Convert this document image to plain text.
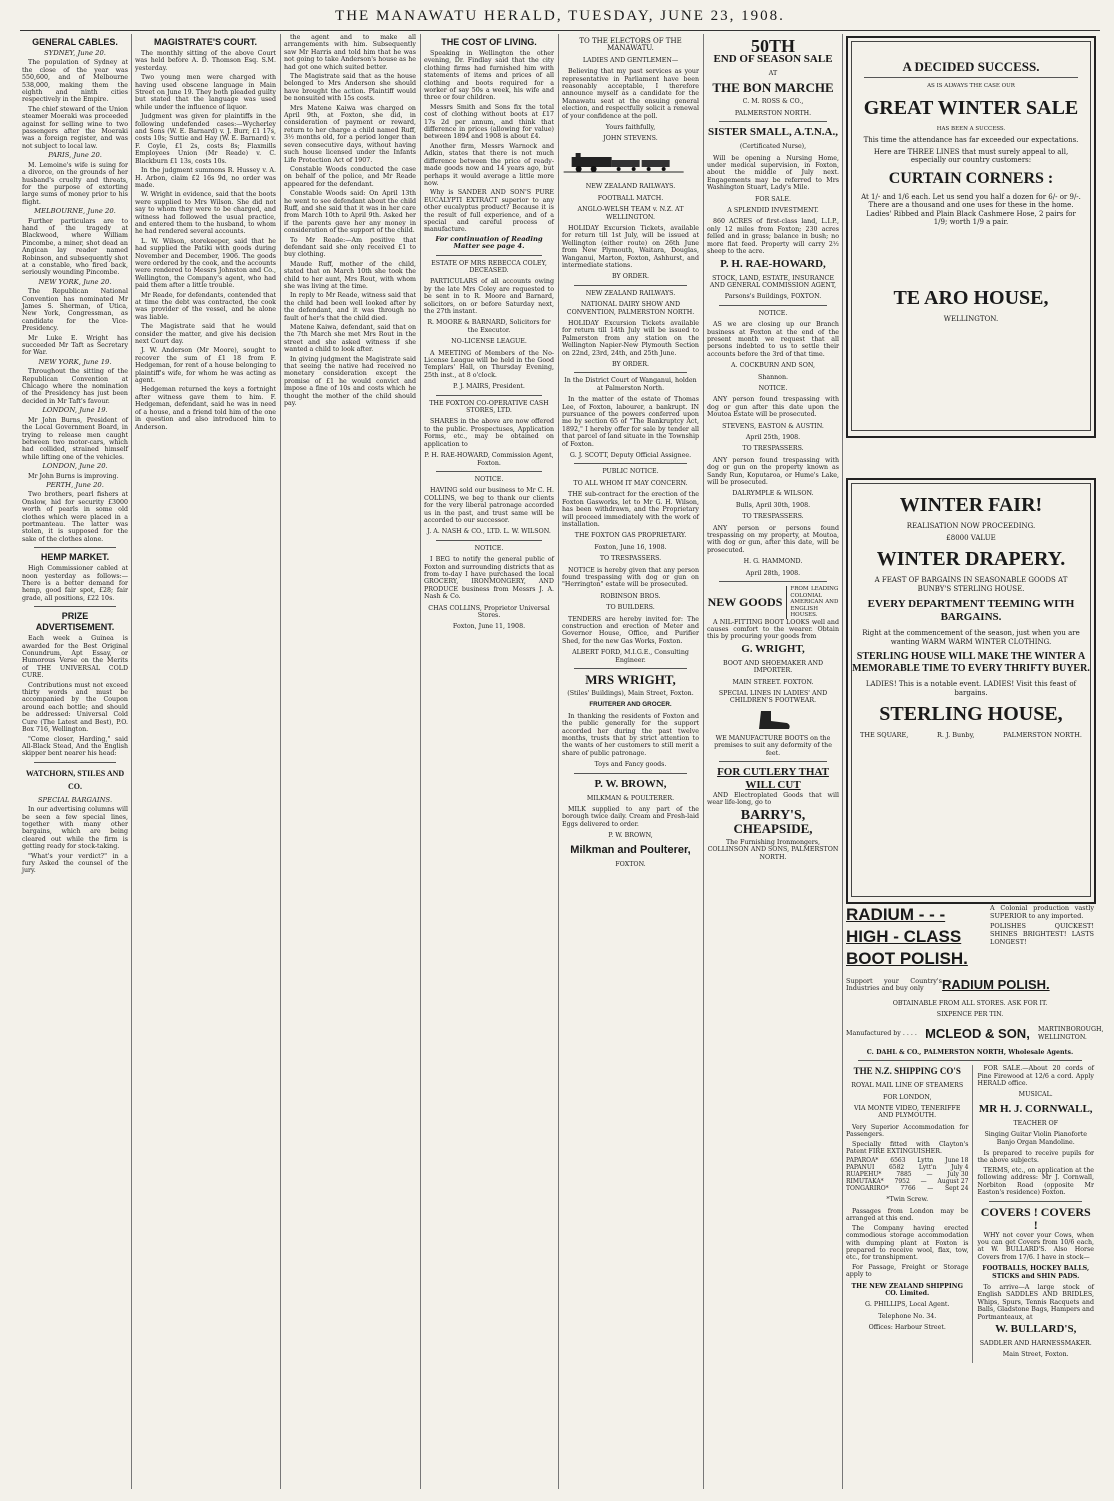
THE MANAWATU HERALD, TUESDAY, JUNE 23, 1908.
GENERAL CABLES.
SYDNEY, June 20.

The population of Sydney at the close of the year was 550,600, and of Melbourne 538,000, making them the eighth and ninth cities respectively in the Empire.

The chief steward of the Union steamer Moeraki was proceeded against for selling wine to two passengers after the Moeraki was a foreign register, and was not subject to local law.

PARIS, June 20.

M. Lemoine's wife is suing for a divorce, on the grounds of her husband's cruelty and threats, for the purpose of extorting large sums of money prior to his flight.

MELBOURNE, June 20.

Further particulars are to hand of the tragedy at Blackwood, where William Pincombe, a miner, shot dead an Angican lay reader named Robinson, and subsequently shot at a constable, who fired back, seriously wounding Pincombe.

NEW YORK, June 20.

The Republican National Convention has nominated Mr James S. Sherman, of Utica, New York, Congressman, as candidate for the Vice-Presidency.

Mr Luke E. Wright has succeeded Mr Taft as Secretary for War.

NEW YORK, June 19.

Throughout the sitting of the Republican Convention at Chicago where the nomination of the Presidency has just been decided in Mr Taft's favour.

LONDON, June 19.

Mr John Burns, President of the Local Government Board, in trying to release men caught between two motor-cars, which had collided, strained himself while lifting one of the vehicles.

LONDON, June 20.

Mr John Burns is improving.

PERTH, June 20.

Two brothers, pearl fishers at Onslow, hid for security £3000 worth of pearls in some old clothes which were placed in a portmanteau. The latter was stolen, it is supposed for the sake of the clothes alone.

HEMP MARKET.

High Commissioner cabled at noon yesterday as follows:—There is a better demand for hemp, good fair spot, £28; fair grade, all positions, £22 10s.

PRIZE ADVERTISEMENT.

Each week a Guinea is awarded for the Best Original Conundrum, Apt Essay, or Humorous Verse on the Merits of THE UNIVERSAL COLD CURE.

Contributions must not exceed thirty words and must be accompanied by the Coupon around each bottle; and should be addressed: Universal Cold Cure (The Latest and Best), P.O. Box 716, Wellington.

"Come closer, Harding," said All-Black Stead, And the English skipper bent nearer his head:

WATCHORN, STILES AND CO.
SPECIAL BARGAINS.

In our advertising columns will be seen a few special lines, together with many other bargains, which are being cleared out while the firm is getting ready for stock-taking.

"What's your verdict?" in a fury Asked the counsel of the jury.

MAGISTRATE'S COURT.

The monthly sitting of the above Court was held before A. D. Thomson Esq. S.M. yesterday.

Two young men were charged with having used obscene language in Main Street on June 19. They both pleaded guilty but stated that the language was used while under the influence of liquor.

Judgment was given for plaintiffs in the following undefended cases:—Wycherley and Sons (W. E. Barnard) v. J. Burr, £1 17s, costs 10s; Suttie and Hay (W. E. Barnard) v. F. Coyle, £1 2s, costs 8s; Flaxmills Employees Union (Mr Reade) v. C. Blackburn £1 13s, costs 10s.

In the judgment summons R. Hussey v. A. H. Arbon, claim £2 16s 9d, no order was made.

W. Wright in evidence, said that the boots were supplied to Mrs Wilson. She did not say to whom they were to be charged, and witness had followed the usual practice, and entered them to the husband, to whom he had rendered several accounts.

L. W. Wilson, storekeeper, said that he had supplied the Patiki with goods during November and December, 1906. The goods were ordered by the cook, and the accounts were rendered to Messrs Johnston and Co., Wellington, the Company's agent, who had paid them after a little trouble.

Mr Reade, for defendants, contended that at time the debt was contracted, the cook was provider of the vessel, and he alone was liable.

The Magistrate said that he would consider the matter, and give his decision next Court day.

J. W. Anderson (Mr Moore), sought to recover the sum of £1 18 from F. Hedgeman, for rent of a house belonging to plaintiff's wife, for whom he was acting as agent.

Hedgeman returned the keys a fortnight after witness gave them to him. F. Hedgeman, defendant, said he was in need of a house, and a friend told him of the one in question and also introduced him to Anderson.

the agent and to make all arrangements with him. Subsequently saw Mr Harris and told him that he was not going to take Anderson's house as he had got one which suited better.

The Magistrate said that as the house belonged to Mrs Anderson she should have brought the action. Plaintiff would be nonsuited with 15s costs.

Mrs Matene Kaiwa was charged on April 9th, at Foxton, she did, in consideration of payment or reward, return to her charge a child named Ruff, 3½ months old, for a period longer than seven consecutive days, without having such house licensed under the Infants Life Protection Act of 1907.

Constable Woods conducted the case on behalf of the police, and Mr Reade appeared for the defendant.

Constable Woods said: On April 13th he went to see defendant about the child Ruff, and she said that it was in her care from March 10th to April 9th. Asked her if the parents gave her any money in consideration of the support of the child.

To Mr Reade:—Am positive that defendant said she only received £1 to buy clothing.

Maude Ruff, mother of the child, stated that on March 10th she took the child to her aunt, Mrs Rout, with whom she was living at the time.

In reply to Mr Reade, witness said that the child had been well looked after by the defendant, and it was through no fault of her's that the child died.

Matene Kaiwa, defendant, said that on the 7th March she met Mrs Rout in the street and she asked witness if she wanted a child to look after.

In giving judgment the Magistrate said that seeing the native had received no monetary consideration except the promise of £1 he would convict and impose a fine of 10s and costs which he thought the mother of the child should pay.

THE COST OF LIVING.

Speaking in Wellington the other evening, Dr. Findlay said that the city clothing firms had furnished him with statements of items and prices of all clothing and boots required for a worker of say 50s a week, his wife and three or four children.

Messrs Smith and Sons fix the total cost of clothing without boots at £17 17s 2d per annum, and think that difference in prices (allowing for value) between 1894 and 1908 is about £4.

Another firm, Messrs Warnock and Adkin, states that there is not much difference between the price of ready-made goods now and 14 years ago, but perhaps it would average a little more now.

Why is SANDER AND SON'S PURE EUCALYPTI EXTRACT superior to any other eucalyptus product? Because it is the result of full experience, and of a special and careful process of manufacture.

For continuation of Reading Matter see page 4.
ESTATE OF MRS REBECCA COLEY, DECEASED.

PARTICULARS of all accounts owing by the late Mrs Coley are requested to be sent in to R. Moore and Barnard, solicitors, on or before Saturday next, the 27th instant.

R. MOORE & BARNARD, Solicitors for the Executor.
NO-LICENSE LEAGUE.

A MEETING of Members of the No-License League will be held in the Good Templars' Hall, on Thursday Evening, 25th inst., at 8 o'clock.

P. J. MAIRS, President.
THE FOXTON CO-OPERATIVE CASH STORES, LTD.

SHARES in the above are now offered to the public. Prospectuses, Application Forms, etc., may be obtained on application to

P. H. RAE-HOWARD, Commission Agent, Foxton.
NOTICE.

HAVING sold our business to Mr C. H. COLLINS, we beg to thank our clients for the very liberal patronage accorded us in the past, and trust same will be accorded to our successor.

J. A. NASH & CO., LTD. L. W. WILSON.
NOTICE.

I BEG to notify the general public of Foxton and surrounding districts that as from to-day I have purchased the local GROCERY, IRONMONGERY, AND PRODUCE business from Messrs J. A. Nash & Co.

CHAS COLLINS, Proprietor Universal Stores.
Foxton, June 11, 1908.
TO THE ELECTORS OF THE MANAWATU.
LADIES AND GENTLEMEN—

Believing that my past services as your representative in Parliament have been reasonably acceptable, I therefore announce myself as a candidate for the Manawatu seat at the ensuing general election, and respectfully solicit a renewal of your confidence at the poll.

Yours faithfully,
JOHN STEVENS.
NEW ZEALAND RAILWAYS.
FOOTBALL MATCH.
ANGLO-WELSH TEAM v. N.Z. AT WELLINGTON.

HOLIDAY Excursion Tickets, available for return till 1st July, will be issued at Wellington (either route) on 26th June from New Plymouth, Waitara, Douglas, Wanganui, Marton, Foxton, Ashhurst, and intermediate stations.

BY ORDER.
NEW ZEALAND RAILWAYS.
NATIONAL DAIRY SHOW AND CONVENTION, PALMERSTON NORTH.

HOLIDAY Excursion Tickets available for return till 14th July will be issued to Palmerston from any station on the Wellington Napier-New Plymouth Section on 22nd, 23rd, 24th, and 25th June.

BY ORDER.
In the District Court of Wanganui, holden at Palmerston North.

In the matter of the estate of Thomas Lee, of Foxton, labourer, a bankrupt. IN pursuance of the powers conferred upon me by section 65 of "The Bankruptcy Act, 1892," I hereby offer for sale by tender all that parcel of land situate in the Township of Foxton.

G. J. SCOTT, Deputy Official Assignee.
PUBLIC NOTICE.
TO ALL WHOM IT MAY CONCERN.

THE sub-contract for the erection of the Foxton Gasworks, let to Mr G. H. Wilson, has been withdrawn, and the Proprietary will proceed immediately with the work of installation.

THE FOXTON GAS PROPRIETARY.
Foxton, June 16, 1908.
TO TRESPASSERS.

NOTICE is hereby given that any person found trespassing with dog or gun on "Herrington" estate will be prosecuted.

ROBINSON BROS.
TO BUILDERS.

TENDERS are hereby invited for: The construction and erection of Meter and Governor House, Office, and Purifier Shed, for the new Gas Works, Foxton.

ALBERT FORD, M.I.G.E., Consulting Engineer.
MRS WRIGHT,
(Stiles' Buildings), Main Street, Foxton.
FRUITERER AND GROCER.

In thanking the residents of Foxton and the public generally for the support accorded her during the past twelve months, trusts that by strict attention to the wants of her customers to still merit a share of public patronage.

Toys and Fancy goods.
P. W. BROWN,
MILKMAN & POULTERER.

MILK supplied to any part of the borough twice daily. Cream and Fresh-laid Eggs delivered to order.

P. W. BROWN,
Milkman and Poulterer,
FOXTON.
50TH
END OF SEASON SALE
AT
THE BON MARCHE
C. M. ROSS & CO.,
PALMERSTON NORTH.
SISTER SMALL, A.T.N.A.,
(Certificated Nurse),

Will be opening a Nursing Home, under medical supervision, in Foxton, about the middle of July next. Engagements may be referred to Mrs Washington Stuart, Lady's Mile.

FOR SALE.
A SPLENDID INVESTMENT.

860 ACRES of first-class land, L.I.P., only 12 miles from Foxton; 230 acres felled and in grass; balance in bush; no more flat feed. Property will carry 2½ sheep to the acre.

P. H. RAE-HOWARD,
STOCK, LAND, ESTATE, INSURANCE AND GENERAL COMMISSION AGENT,
Parsons's Buildings, FOXTON.
NOTICE.

AS we are closing up our Branch business at Foxton at the end of the present month we request that all persons indebted to us to settle their accounts before the 3rd of that time.

A. COCKBURN AND SON,
Shannon.
NOTICE.

ANY person found trespassing with dog or gun after this date upon the Moutoa Estate will be prosecuted.

STEVENS, EASTON & AUSTIN.
April 25th, 1908.
TO TRESPASSERS.

ANY person found trespassing with dog or gun on the property known as Sandy Run, Koputaroa, or Hume's Lake, will be prosecuted.

DALRYMPLE & WILSON.
Bulls, April 30th, 1908.
TO TRESPASSERS.

ANY person or persons found trespassing on my property, at Moutoa, with dog or gun, after this date, will be prosecuted.

H. G. HAMMOND.
April 28th, 1908.
NEW GOODS
FROM LEADING COLONIAL AMERICAN AND ENGLISH HOUSES.

A NIL-FITTING BOOT LOOKS well and causes comfort to the wearer. Obtain this by procuring your goods from

G. WRIGHT,
BOOT AND SHOEMAKER AND IMPORTER.
MAIN STREET. FOXTON.
SPECIAL LINES IN LADIES' AND CHILDREN'S FOOTWEAR.
WE MANUFACTURE BOOTS on the premises to suit any deformity of the feet.
FOR CUTLERY THAT WILL CUT

AND Electroplated Goods that will wear life-long, go to

BARRY'S,
CHEAPSIDE,
The Furnishing Ironmongers, COLLINSON AND SONS, PALMERSTON NORTH.
A DECIDED SUCCESS.
AS IS ALWAYS THE CASE OUR
GREAT WINTER SALE
HAS BEEN A SUCCESS.
This time the attendance has far exceeded our expectations.
Here are THREE LINES that must surely appeal to all, especially our country customers:
CURTAIN CORNERS :
At 1/- and 1/6 each. Let us send you half a dozen for 6/- or 9/-. There are a thousand and one uses for these in the home. Ladies' Ribbed and Plain Black Cashmere Hose, 2 pairs for 1/9; worth 1/9 a pair.
TE ARO HOUSE,
WELLINGTON.
WINTER FAIR!
REALISATION NOW PROCEEDING.
£8000 VALUE
WINTER DRAPERY.
A FEAST OF BARGAINS IN SEASONABLE GOODS AT BUNBY'S STERLING HOUSE.
EVERY DEPARTMENT TEEMING WITH BARGAINS.
Right at the commencement of the season, just when you are wanting WARM WARM WINTER CLOTHING.
STERLING HOUSE WILL MAKE THE WINTER A MEMORABLE TIME TO EVERY THRIFTY BUYER.
LADIES! This is a notable event. LADIES! Visit this feast of bargains.
STERLING HOUSE,
THE SQUARE,	R. J. Bunby,	PALMERSTON NORTH.
RADIUM - - -
HIGH - CLASS
BOOT POLISH.

A Colonial production vastly SUPERIOR to any imported.

POLISHES QUICKEST! SHINES BRIGHTEST! LASTS LONGEST!

Support your Country's Industries and buy only	RADIUM POLISH.
OBTAINABLE FROM ALL STORES. ASK FOR IT.
SIXPENCE PER TIN.
Manufactured by . . . . MCLEOD & SON, MARTINBOROUGH, WELLINGTON.
C. DAHL & CO., PALMERSTON NORTH, Wholesale Agents.
THE N.Z. SHIPPING CO'S
ROYAL MAIL LINE OF STEAMERS
FOR LONDON,
VIA MONTE VIDEO, TENERIFFE AND PLYMOUTH.

Very Superior Accommodation for Passengers.

Specially fitted with Clayton's Patent FIRE EXTINGUISHER.

PAPAROA* 6563 Lyttn June 18
PAPANUI 6582 Lytt'n July 4
RUAPEHU* 7885 — July 30
RIMUTAKA* 7952 — August 27
TONGARIRO* 7766 — Sept 24
*Twin Screw.

Passages from London may be arranged at this end.

The Company having erected commodious storage accommodation with dumping plant at Foxton is prepared to receive wool, flax, tow, etc., for transhipment.

For Passage, Freight or Storage apply to

THE NEW ZEALAND SHIPPING CO. Limited.
G. PHILLIPS, Local Agent.
Telephone No. 34.
Offices: Harbour Street.

FOR SALE.—About 20 cords of Pine Firewood at 12/6 a cord. Apply HERALD office.

MUSICAL.
MR H. J. CORNWALL,
TEACHER OF
Singing Guitar Violin Pianoforte Banjo Organ Mandoline.

Is prepared to receive pupils for the above subjects.

TERMS, etc., on application at the following address: Mr J. Cornwall, Norbiton Road (opposite Mr Easton's residence) Foxton.

COVERS ! COVERS !

WHY not cover your Cows, when you can get Covers from 10/6 each, at W. BULLARD'S. Also Horse Covers from 17/6. I have in stock—

FOOTBALLS, HOCKEY BALLS, STICKS and SHIN PADS.

To arrive—A large stock of English SADDLES AND BRIDLES, Whips, Spurs, Tennis Racquets and Balls, Gladstone Bags, Hampers and Portmanteaux, at

W. BULLARD'S,
SADDLER AND HARNESSMAKER.
Main Street, Foxton.
